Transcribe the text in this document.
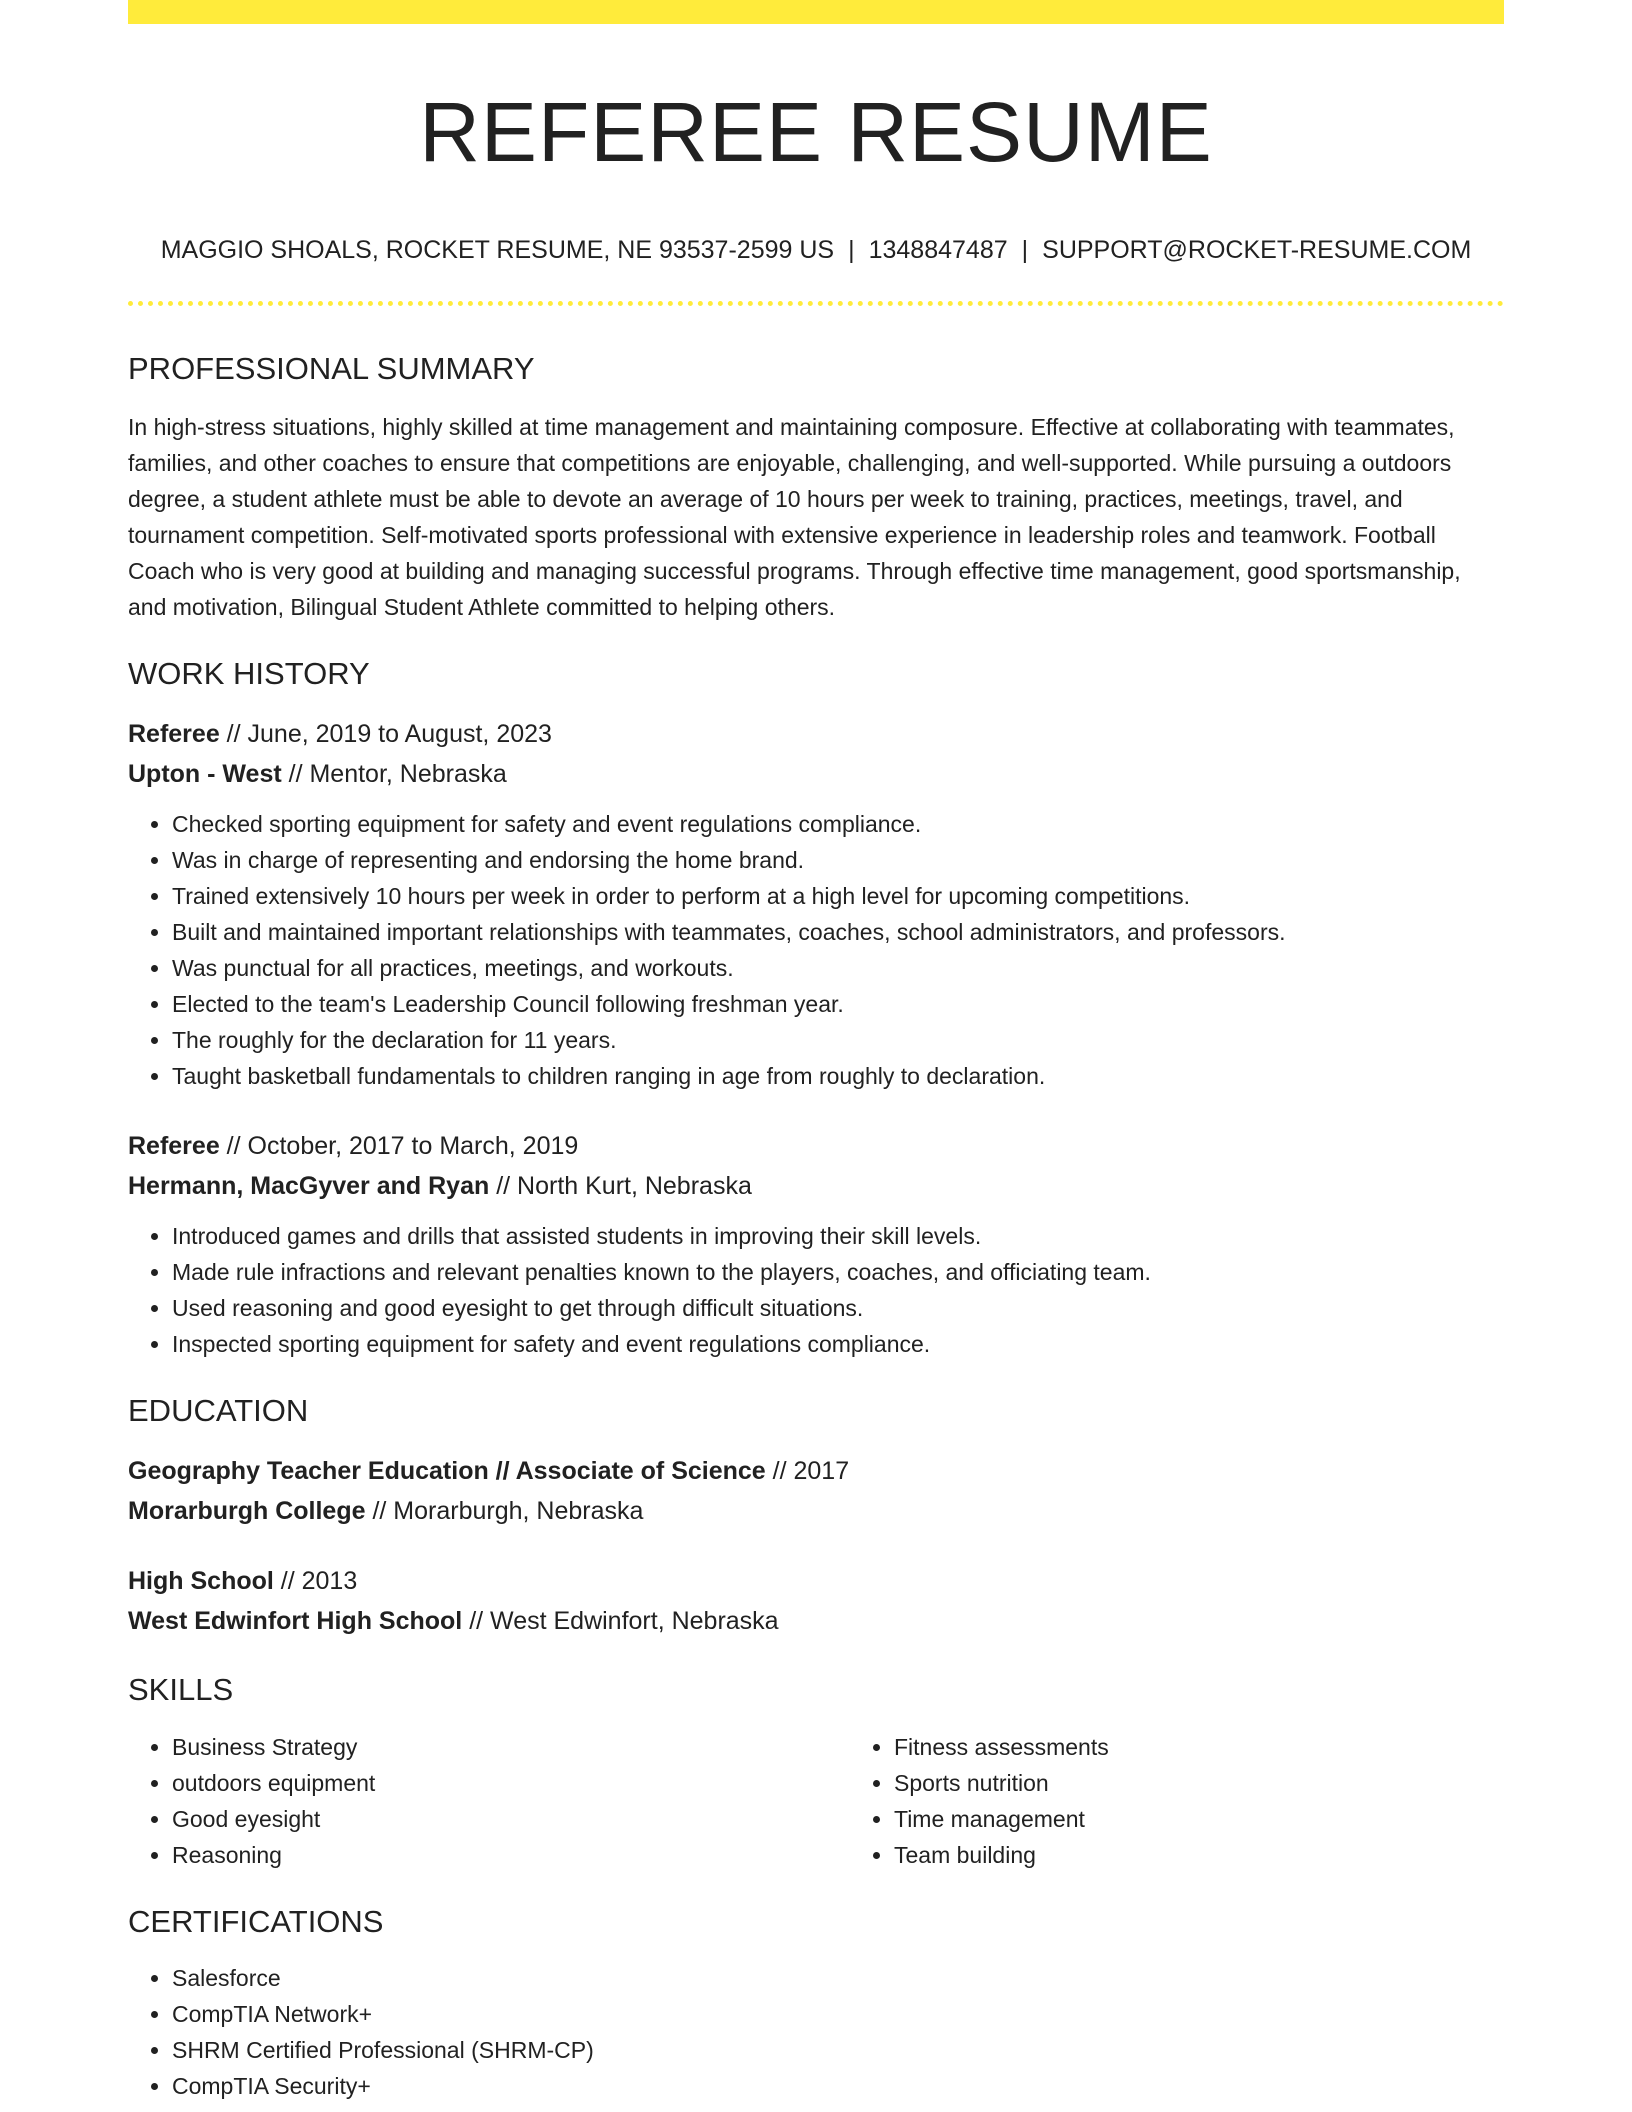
REFEREE RESUME
MAGGIO SHOALS, ROCKET RESUME, NE 93537-2599 US | 1348847487 | SUPPORT@ROCKET-RESUME.COM
PROFESSIONAL SUMMARY

In high-stress situations, highly skilled at time management and maintaining composure. Effective at collaborating with teammates, families, and other coaches to ensure that competitions are enjoyable, challenging, and well-supported. While pursuing a outdoors degree, a student athlete must be able to devote an average of 10 hours per week to training, practices, meetings, travel, and tournament competition. Self-motivated sports professional with extensive experience in leadership roles and teamwork. Football Coach who is very good at building and managing successful programs. Through effective time management, good sportsmanship, and motivation, Bilingual Student Athlete committed to helping others.

WORK HISTORY
Referee // June, 2019 to August, 2023
Upton - West // Mentor, Nebraska
• Checked sporting equipment for safety and event regulations compliance.
• Was in charge of representing and endorsing the home brand.
• Trained extensively 10 hours per week in order to perform at a high level for upcoming competitions.
• Built and maintained important relationships with teammates, coaches, school administrators, and professors.
• Was punctual for all practices, meetings, and workouts.
• Elected to the team's Leadership Council following freshman year.
• The roughly for the declaration for 11 years.
• Taught basketball fundamentals to children ranging in age from roughly to declaration.
Referee // October, 2017 to March, 2019
Hermann, MacGyver and Ryan // North Kurt, Nebraska
• Introduced games and drills that assisted students in improving their skill levels.
• Made rule infractions and relevant penalties known to the players, coaches, and officiating team.
• Used reasoning and good eyesight to get through difficult situations.
• Inspected sporting equipment for safety and event regulations compliance.
EDUCATION
Geography Teacher Education // Associate of Science // 2017
Morarburgh College // Morarburgh, Nebraska
High School // 2013
West Edwinfort High School // West Edwinfort, Nebraska
SKILLS
• Business Strategy
• outdoors equipment
• Good eyesight
• Reasoning
• Fitness assessments
• Sports nutrition
• Time management
• Team building
CERTIFICATIONS
• Salesforce
• CompTIA Network+
• SHRM Certified Professional (SHRM-CP)
• CompTIA Security+
